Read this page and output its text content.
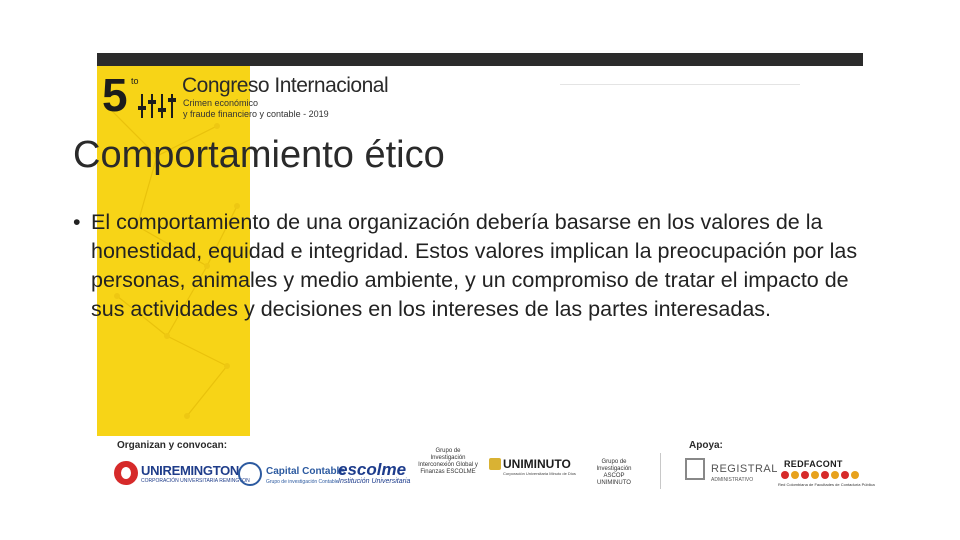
5 to Congreso Internacional
Crimen económico
y fraude financiero y contable - 2019
Comportamiento ético
• El comportamiento de una organización debería basarse en los valores de la honestidad, equidad e integridad. Estos valores implican la preocupación por las personas, animales y medio ambiente, y un compromiso de tratar el impacto de sus actividades y decisiones en los intereses de las partes interesadas.
Organizan y convocan:	Apoya:
UNIREMINGTON
CORPORACIÓN UNIVERSITARIA REMINGTON
Capital Contable
Grupo de investigación Contable
escolme
Institución Universitaria
Grupo de Investigación Interconexión Global y Finanzas ESCOLME
UNIMINUTO
Corporación Universitaria Minuto de Dios
Grupo de Investigación ASCOP UNIMINUTO
REGISTRAL
ADMINISTRATIVO
REDFACONT
Red Colombiana de Facultades de Contaduría Pública
